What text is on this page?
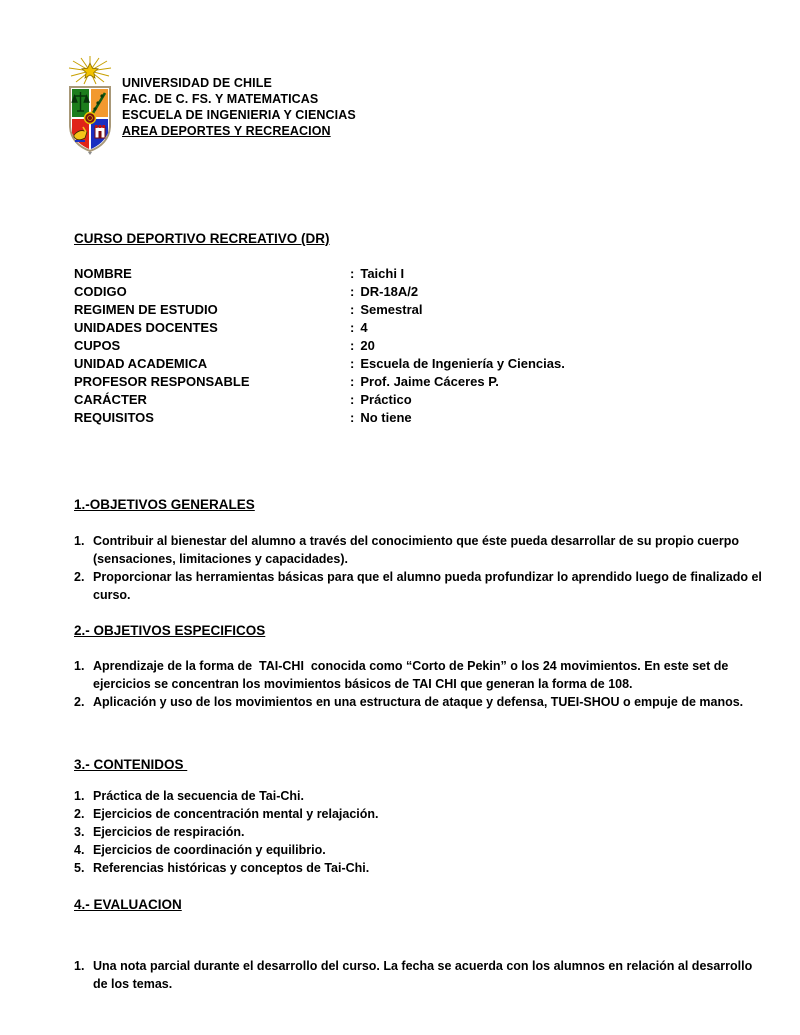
UNIVERSIDAD DE CHILE
FAC. DE C. FS. Y MATEMATICAS
ESCUELA DE INGENIERIA Y CIENCIAS
AREA DEPORTES Y RECREACION
CURSO DEPORTIVO RECREATIVO (DR)
NOMBRE	: Taichi I
CODIGO	: DR-18A/2
REGIMEN DE ESTUDIO	: Semestral
UNIDADES DOCENTES	: 4
CUPOS	: 20
UNIDAD ACADEMICA	: Escuela de Ingeniería y Ciencias.
PROFESOR RESPONSABLE	: Prof. Jaime Cáceres P.
CARÁCTER	: Práctico
REQUISITOS	: No tiene
1.-OBJETIVOS GENERALES
1. Contribuir al bienestar del alumno a través del conocimiento que éste pueda desarrollar de su propio cuerpo (sensaciones, limitaciones y capacidades).
2. Proporcionar las herramientas básicas para que el alumno pueda profundizar lo aprendido luego de finalizado el curso.
2.- OBJETIVOS ESPECIFICOS
1. Aprendizaje de la forma de  TAI-CHI  conocida como “Corto de Pekin” o los 24 movimientos. En este set de ejercicios se concentran los movimientos básicos de TAI CHI que generan la forma de 108.
2. Aplicación y uso de los movimientos en una estructura de ataque y defensa, TUEI-SHOU o empuje de manos.
3.- CONTENIDOS
1. Práctica de la secuencia de Tai-Chi.
2. Ejercicios de concentración mental y relajación.
3. Ejercicios de respiración.
4. Ejercicios de coordinación y equilibrio.
5. Referencias históricas y conceptos de Tai-Chi.
4.- EVALUACION
1. Una nota parcial durante el desarrollo del curso. La fecha se acuerda con los alumnos en relación al desarrollo de los temas.
